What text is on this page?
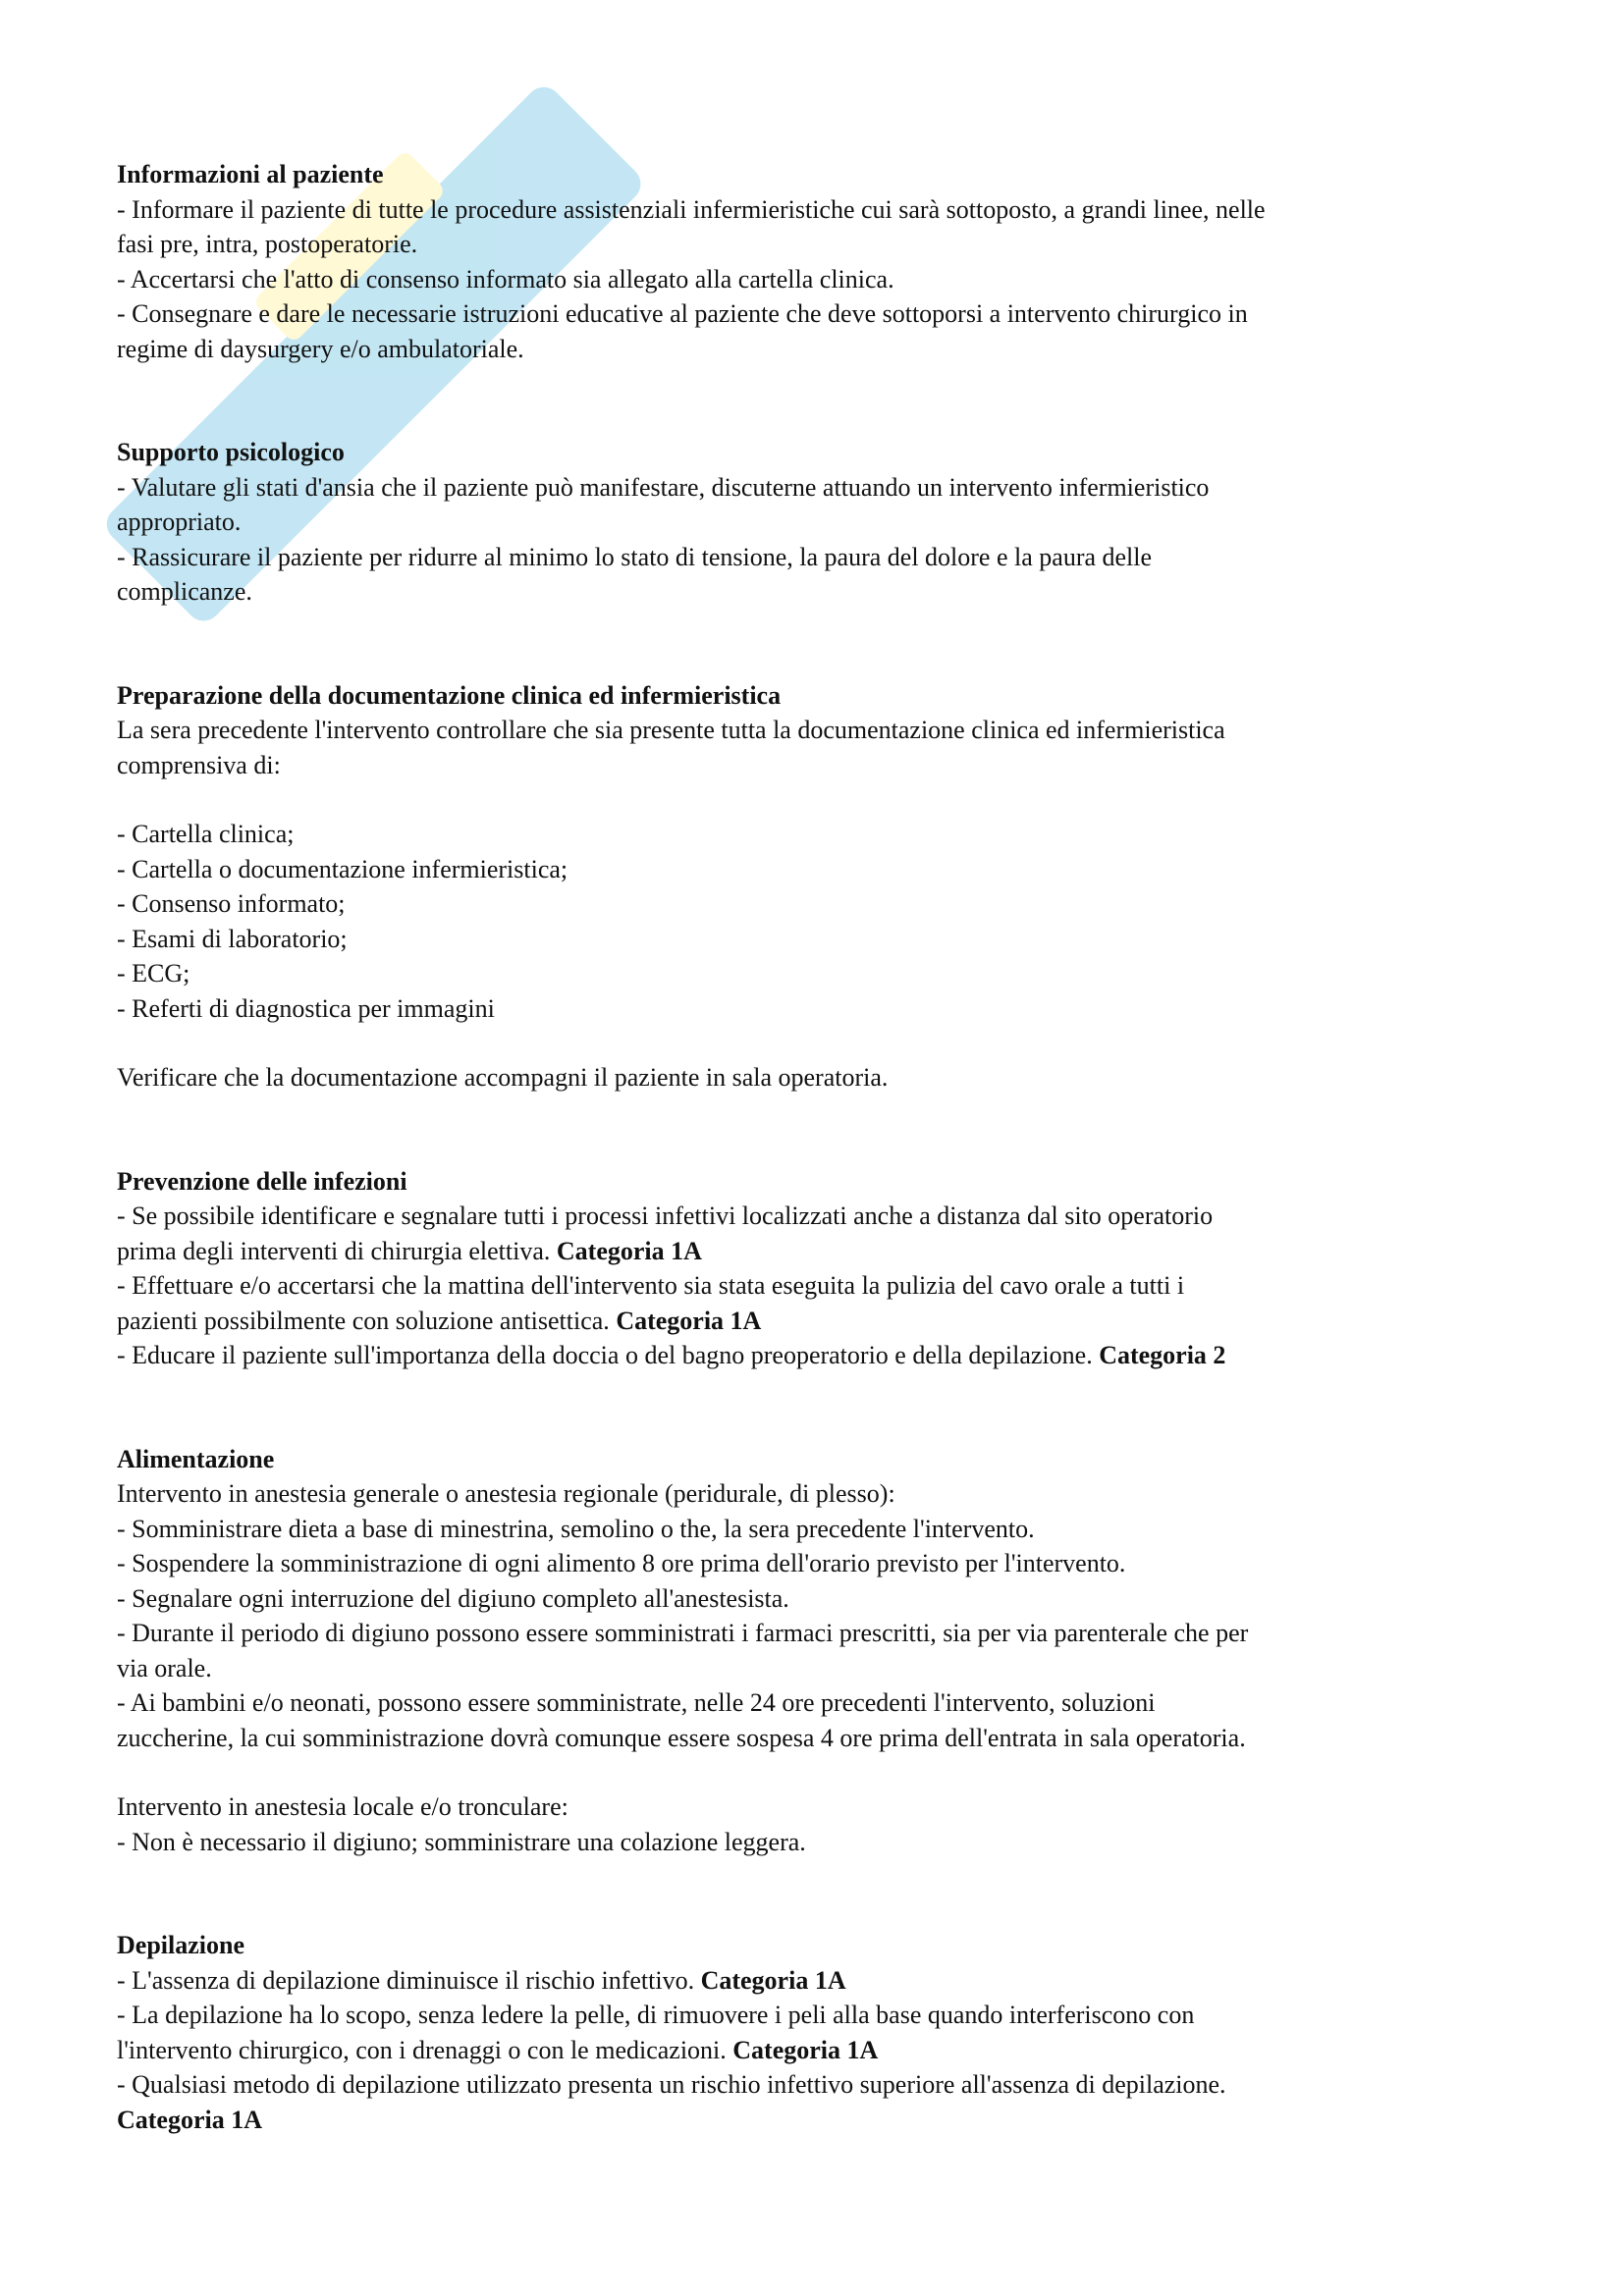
Informazioni al paziente
- Informare il paziente di tutte le procedure assistenziali infermieristiche cui sarà sottoposto, a grandi linee, nelle
fasi pre, intra, postoperatorie.
- Accertarsi che l'atto di consenso informato sia allegato alla cartella clinica.
- Consegnare e dare le necessarie istruzioni educative al paziente che deve sottoporsi a intervento chirurgico in
regime di daysurgery e/o ambulatoriale.
Supporto psicologico
- Valutare gli stati d'ansia che il paziente può manifestare, discuterne attuando un intervento infermieristico
appropriato.
- Rassicurare il paziente per ridurre al minimo lo stato di tensione, la paura del dolore e la paura delle
complicanze.
Preparazione della documentazione clinica ed infermieristica
La sera precedente l'intervento controllare che sia presente tutta la documentazione clinica ed infermieristica
comprensiva di:
- Cartella clinica;
- Cartella o documentazione infermieristica;
- Consenso informato;
- Esami di laboratorio;
- ECG;
- Referti di diagnostica per immagini
Verificare che la documentazione accompagni il paziente in sala operatoria.
Prevenzione delle infezioni
- Se possibile identificare e segnalare tutti i processi infettivi localizzati anche a distanza dal sito operatorio
prima degli interventi di chirurgia elettiva. Categoria 1A
- Effettuare e/o accertarsi che la mattina dell'intervento sia stata eseguita la pulizia del cavo orale a tutti i
pazienti possibilmente con soluzione antisettica. Categoria 1A
- Educare il paziente sull'importanza della doccia o del bagno preoperatorio e della depilazione. Categoria 2
Alimentazione
Intervento in anestesia generale o anestesia regionale (peridurale, di plesso):
- Somministrare dieta a base di minestrina, semolino o the, la sera precedente l'intervento.
- Sospendere la somministrazione di ogni alimento 8 ore prima dell'orario previsto per l'intervento.
- Segnalare ogni interruzione del digiuno completo all'anestesista.
- Durante il periodo di digiuno possono essere somministrati i farmaci prescritti, sia per via parenterale che per
via orale.
- Ai bambini e/o neonati, possono essere somministrate, nelle 24 ore precedenti l'intervento, soluzioni
zuccherine, la cui somministrazione dovrà comunque essere sospesa 4 ore prima dell'entrata in sala operatoria.
Intervento in anestesia locale e/o tronculare:
- Non è necessario il digiuno; somministrare una colazione leggera.
Depilazione
- L'assenza di depilazione diminuisce il rischio infettivo. Categoria 1A
- La depilazione ha lo scopo, senza ledere la pelle, di rimuovere i peli alla base quando interferiscono con
l'intervento chirurgico, con i drenaggi o con le medicazioni. Categoria 1A
- Qualsiasi metodo di depilazione utilizzato presenta un rischio infettivo superiore all'assenza di depilazione.
Categoria 1A
